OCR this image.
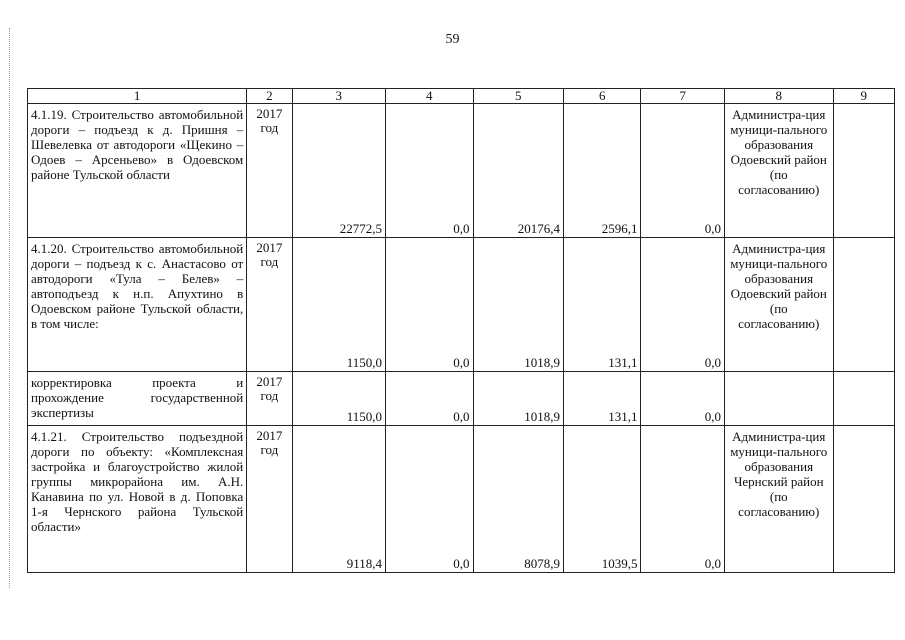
59
1	2	3	4	5	6	7	8	9
4.1.19. Строительство автомобильной дороги – подъезд к д. Пришня – Шевелевка от автодороги «Щекино – Одоев – Арсеньево» в Одоевском районе Тульской области	2017 год	22772,5	0,0	20176,4	2596,1	0,0	Администра-ция муници-пального образования Одоевский район (по согласованию)	
4.1.20. Строительство автомобильной дороги – подъезд к с. Анастасово от автодороги «Тула – Белев» – автоподъезд к н.п. Апухтино в Одоевском районе Тульской области, в том числе:	2017 год	1150,0	0,0	1018,9	131,1	0,0	Администра-ция муници-пального образования Одоевский район (по согласованию)	
корректировка проекта и прохождение государственной экспертизы	2017 год	1150,0	0,0	1018,9	131,1	0,0		
4.1.21. Строительство подъездной дороги по объекту: «Комплексная застройка и благоустройство жилой группы микрорайона им. А.Н. Канавина по ул. Новой в д. Поповка 1-я Чернского района Тульской области»	2017 год	9118,4	0,0	8078,9	1039,5	0,0	Администра-ция муници-пального образования Чернский район (по согласованию)	
